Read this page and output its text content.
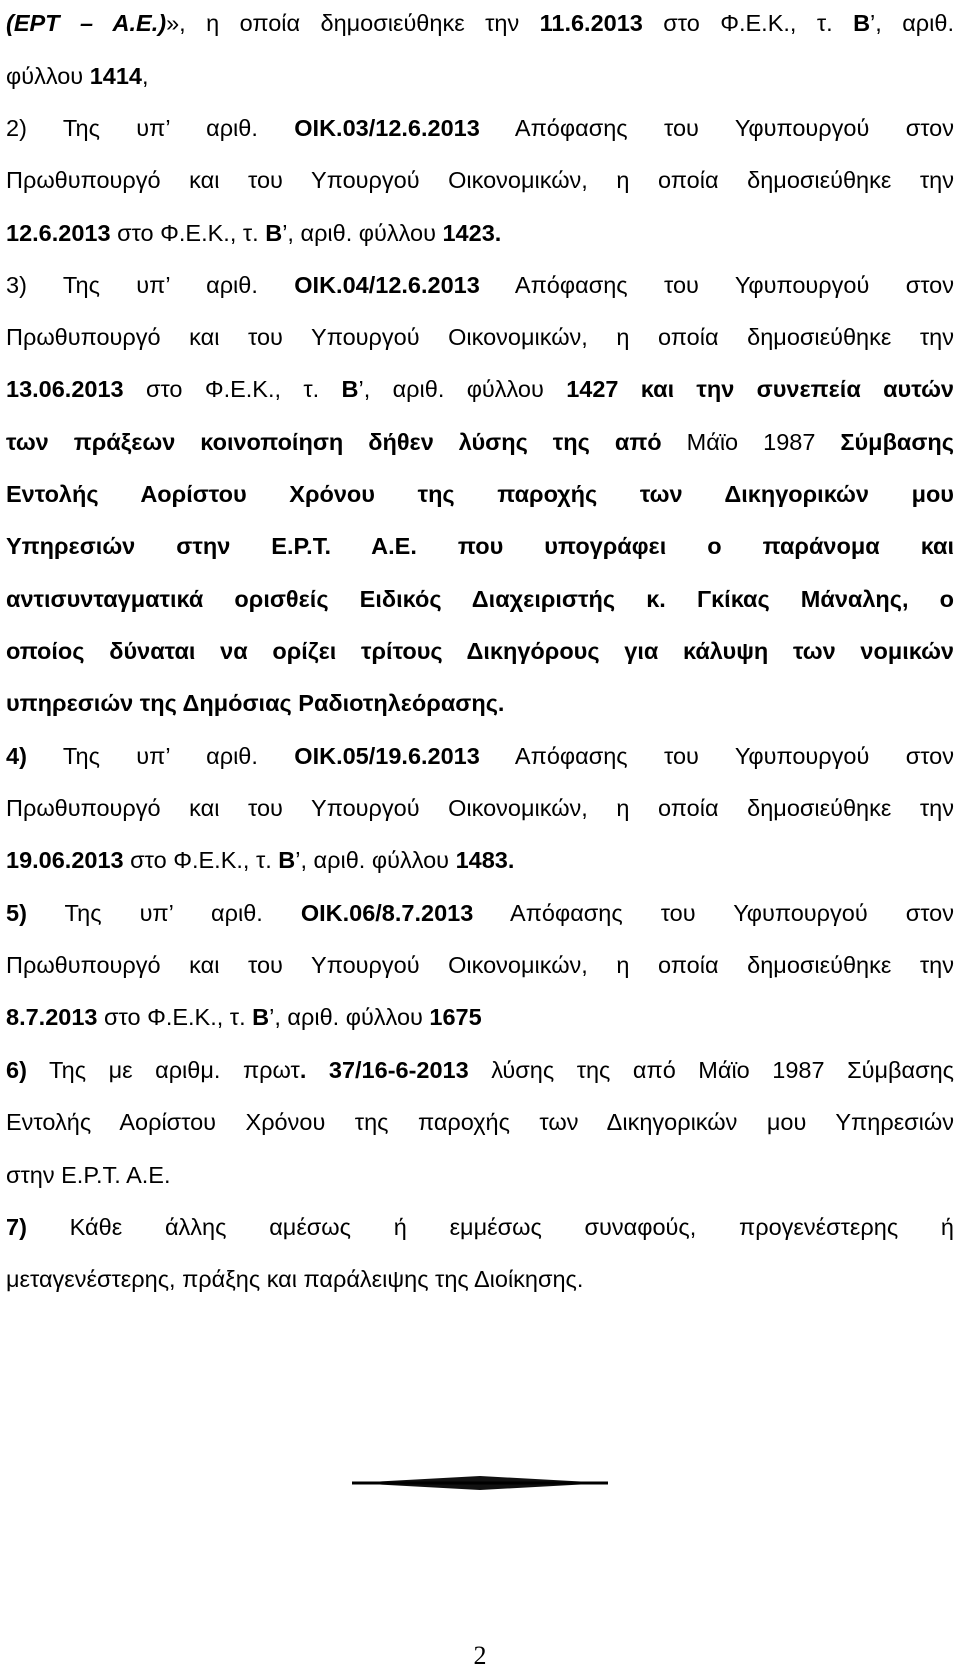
(ΕΡΤ – Α.Ε.)», η οποία δημοσιεύθηκε την 11.6.2013 στο Φ.Ε.Κ., τ. Β’, αριθ.

φύλλου 1414,

2) Της υπ’ αριθ. ΟΙΚ.03/12.6.2013 Απόφασης του Υφυπουργού στον

Πρωθυπουργό και του Υπουργού Οικονομικών, η οποία δημοσιεύθηκε την

12.6.2013 στο Φ.Ε.Κ., τ. Β’, αριθ. φύλλου 1423.

3) Της υπ’ αριθ. ΟΙΚ.04/12.6.2013 Απόφασης του Υφυπουργού στον

Πρωθυπουργό και του Υπουργού Οικονομικών, η οποία δημοσιεύθηκε την

13.06.2013 στο Φ.Ε.Κ., τ. Β’, αριθ. φύλλου 1427 και την συνεπεία αυτών

των πράξεων κοινοποίηση δήθεν λύσης της από Μάϊο 1987 Σύμβασης

Εντολής Αορίστου Χρόνου της παροχής των Δικηγορικών μου

Υπηρεσιών στην Ε.Ρ.Τ. Α.Ε. που υπογράφει ο παράνομα και

αντισυνταγματικά ορισθείς Ειδικός Διαχειριστής κ. Γκίκας Μάναλης, ο

οποίος δύναται να ορίζει τρίτους Δικηγόρους για κάλυψη των νομικών

υπηρεσιών της Δημόσιας Ραδιοτηλεόρασης.

4) Της υπ’ αριθ. ΟΙΚ.05/19.6.2013 Απόφασης του Υφυπουργού στον

Πρωθυπουργό και του Υπουργού Οικονομικών, η οποία δημοσιεύθηκε την

19.06.2013 στο Φ.Ε.Κ., τ. Β’, αριθ. φύλλου 1483.

5) Της υπ’ αριθ. ΟΙΚ.06/8.7.2013 Απόφασης του Υφυπουργού στον

Πρωθυπουργό και του Υπουργού Οικονομικών, η οποία δημοσιεύθηκε την

8.7.2013 στο Φ.Ε.Κ., τ. Β’, αριθ. φύλλου 1675

6) Της με αριθμ. πρωτ. 37/16-6-2013 λύσης της από Μάϊο 1987 Σύμβασης

Εντολής Αορίστου Χρόνου της παροχής των Δικηγορικών μου Υπηρεσιών

στην Ε.Ρ.Τ. Α.Ε.

7) Κάθε άλλης αμέσως ή εμμέσως συναφούς, προγενέστερης ή

μεταγενέστερης, πράξης και παράλειψης της Διοίκησης.

2
